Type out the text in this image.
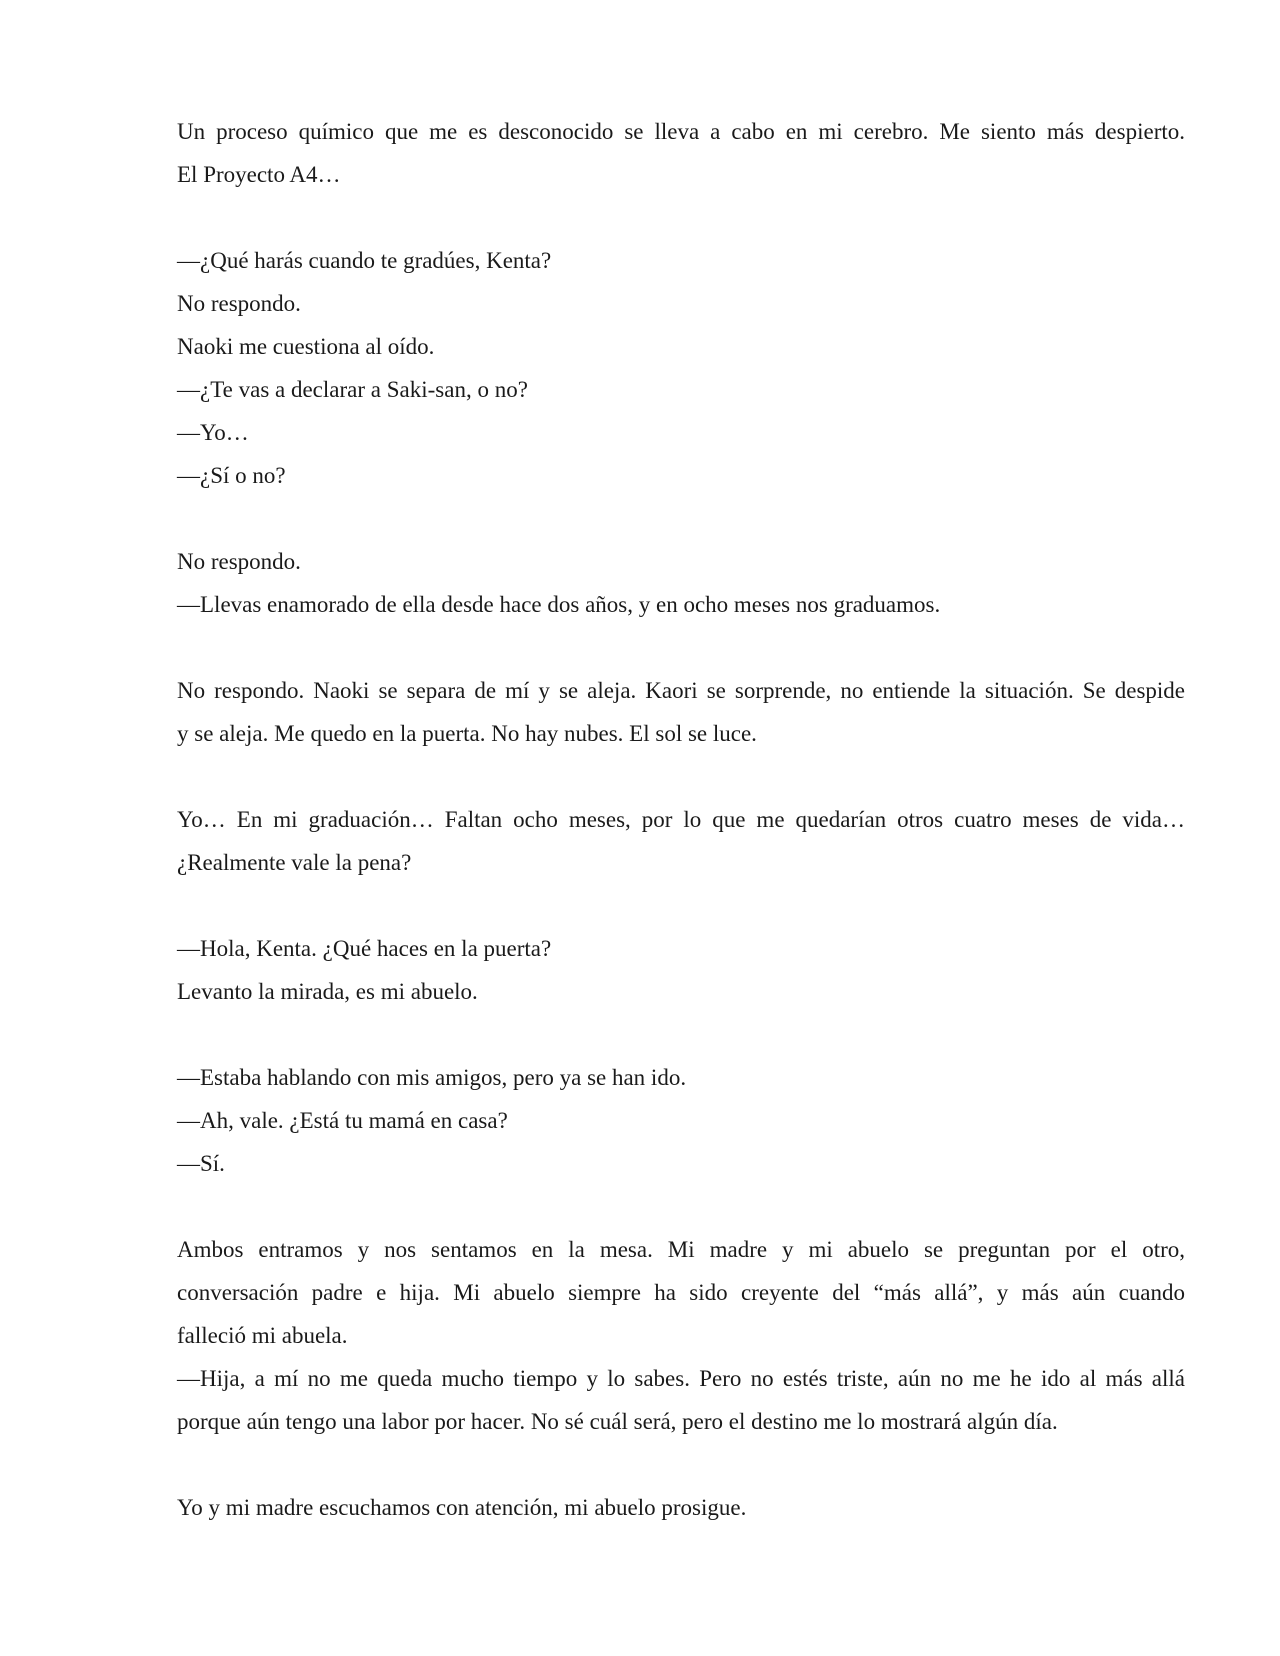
Un proceso químico que me es desconocido se lleva a cabo en mi cerebro. Me siento más despierto.
El Proyecto A4…
—¿Qué harás cuando te gradúes, Kenta?
No respondo.
Naoki me cuestiona al oído.
—¿Te vas a declarar a Saki-san, o no?
—Yo…
—¿Sí o no?
No respondo.
—Llevas enamorado de ella desde hace dos años, y en ocho meses nos graduamos.
No respondo. Naoki se separa de mí y se aleja. Kaori se sorprende, no entiende la situación. Se despide
y se aleja. Me quedo en la puerta. No hay nubes. El sol se luce.
Yo… En mi graduación… Faltan ocho meses, por lo que me quedarían otros cuatro meses de vida…
¿Realmente vale la pena?
—Hola, Kenta. ¿Qué haces en la puerta?
Levanto la mirada, es mi abuelo.
—Estaba hablando con mis amigos, pero ya se han ido.
—Ah, vale. ¿Está tu mamá en casa?
—Sí.
Ambos entramos y nos sentamos en la mesa. Mi madre y mi abuelo se preguntan por el otro,
conversación padre e hija. Mi abuelo siempre ha sido creyente del “más allá”, y más aún cuando
falleció mi abuela.
—Hija, a mí no me queda mucho tiempo y lo sabes. Pero no estés triste, aún no me he ido al más allá
porque aún tengo una labor por hacer. No sé cuál será, pero el destino me lo mostrará algún día.
Yo y mi madre escuchamos con atención, mi abuelo prosigue.
